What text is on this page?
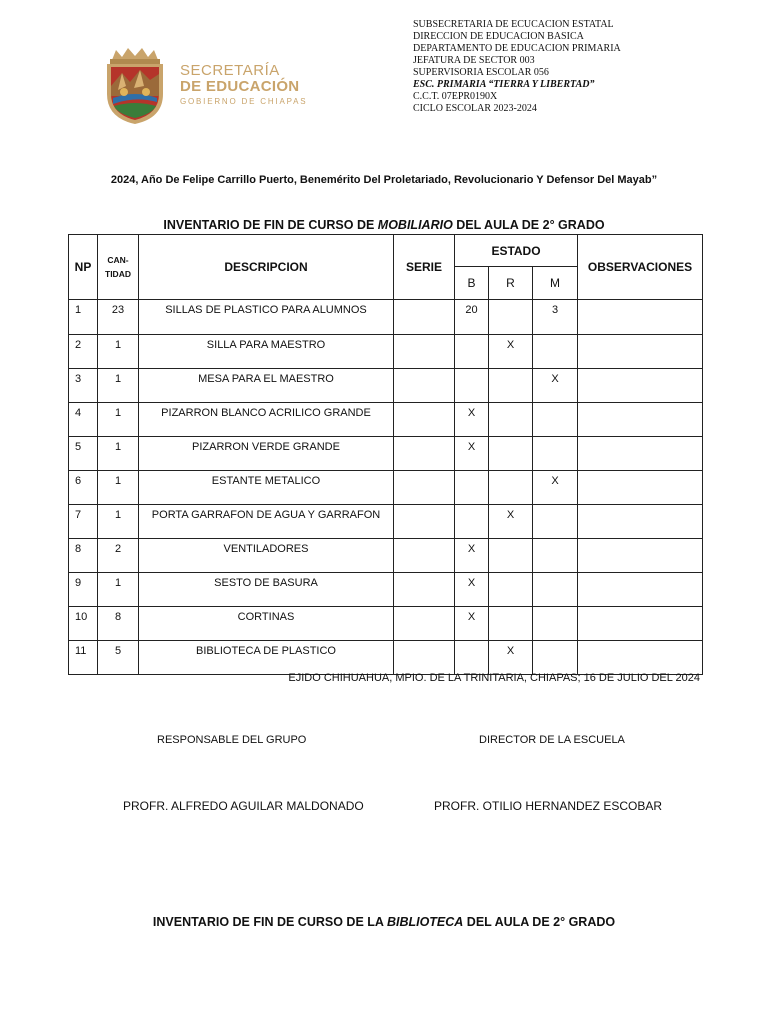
SECRETARÍA
DE EDUCACIÓN
GOBIERNO DE CHIAPAS
SUBSECRETARIA DE ECUCACION ESTATAL
DIRECCION DE EDUCACION BASICA
DEPARTAMENTO DE EDUCACION PRIMARIA
JEFATURA DE SECTOR 003
SUPERVISORIA ESCOLAR 056
ESC. PRIMARIA “TIERRA Y LIBERTAD”
C.C.T. 07EPR0190X
CICLO ESCOLAR 2023-2024
2024, Año De Felipe Carrillo Puerto, Benemérito Del Proletariado, Revolucionario Y Defensor Del Mayab”
INVENTARIO DE FIN DE CURSO DE MOBILIARIO DEL AULA DE 2° GRADO
NP	CAN-
TIDAD	DESCRIPCION	SERIE	ESTADO			OBSERVACIONES
				B	R	M	
1	23	SILLAS DE PLASTICO PARA ALUMNOS		20		3	
2	1	SILLA PARA MAESTRO			X		
3	1	MESA PARA EL MAESTRO				X	
4	1	PIZARRON BLANCO ACRILICO GRANDE		X			
5	1	PIZARRON VERDE GRANDE		X			
6	1	ESTANTE METALICO				X	
7	1	PORTA GARRAFON DE AGUA Y GARRAFON			X		
8	2	VENTILADORES		X			
9	1	SESTO DE BASURA		X			
10	8	CORTINAS		X			
11	5	BIBLIOTECA DE PLASTICO			X		
EJIDO CHIHUAHUA, MPIO. DE LA TRINITARIA, CHIAPAS; 16 DE JULIO DEL 2024
RESPONSABLE DEL GRUPO	DIRECTOR DE LA ESCUELA
PROFR. ALFREDO AGUILAR MALDONADO	PROFR. OTILIO HERNANDEZ ESCOBAR
INVENTARIO DE FIN DE CURSO DE LA BIBLIOTECA DEL AULA DE 2° GRADO
